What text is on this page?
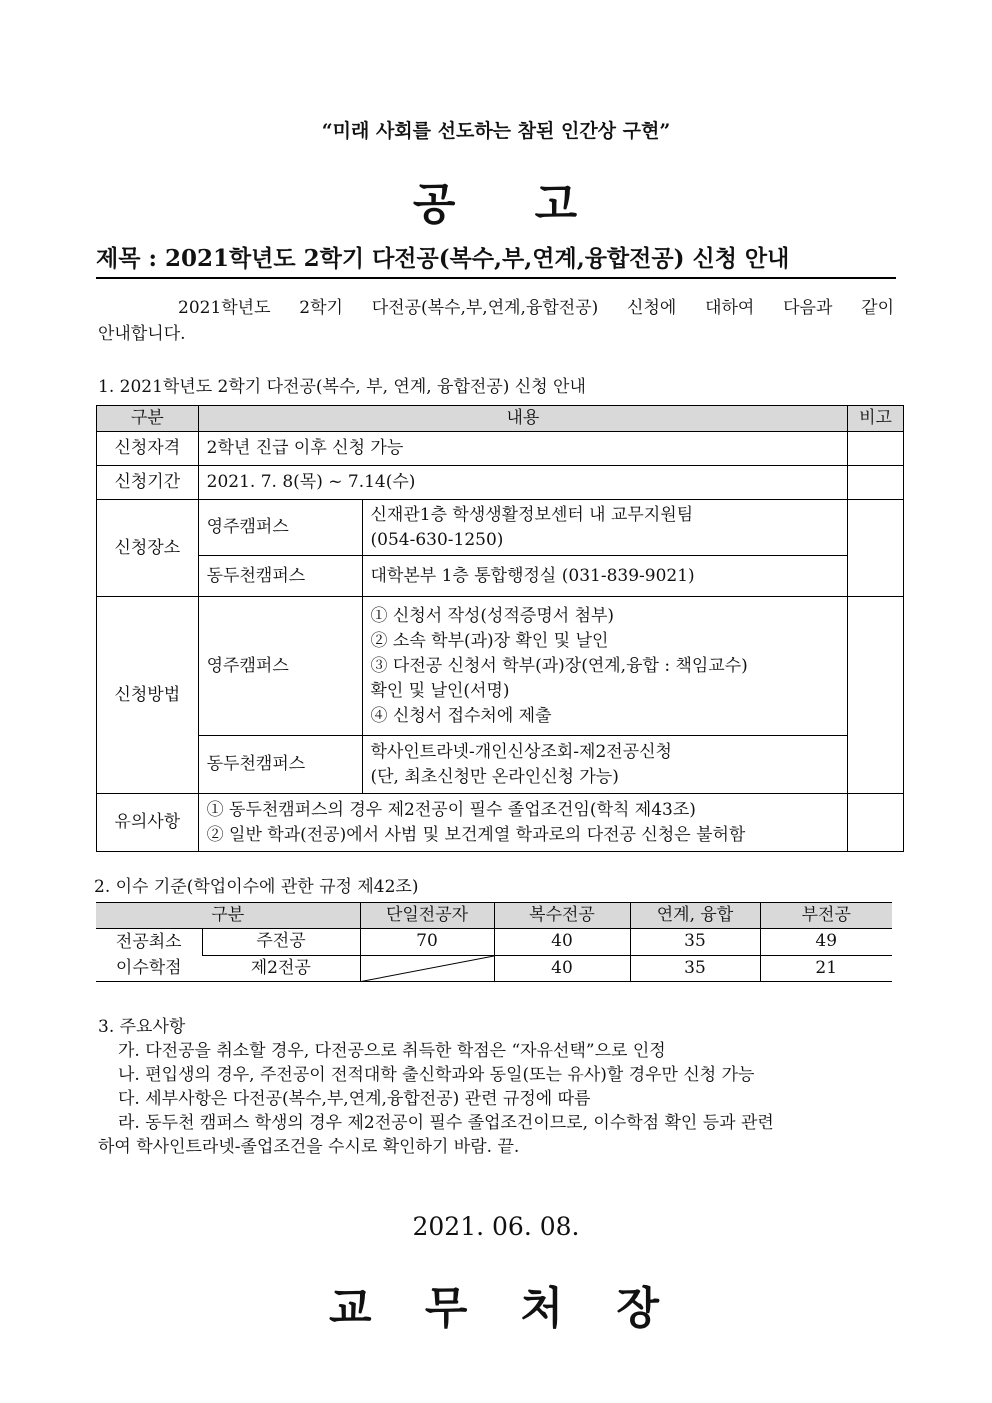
“미래 사회를 선도하는 참된 인간상 구현”
공 고
제목 : 2021학년도 2학기 다전공(복수,부,연계,융합전공) 신청 안내
2021학년도 2학기 다전공(복수,부,연계,융합전공) 신청에 대하여 다음과 같이
안내합니다.
1. 2021학년도 2학기 다전공(복수, 부, 연계, 융합전공) 신청 안내
구분	내용		비고
신청자격	2학년 진급 이후 신청 가능		
신청기간	2021. 7. 8(목) ~ 7.14(수)		
신청장소	영주캠퍼스	신재관1층 학생생활정보센터 내 교무지원팀
(054-630-1250)	

	동두천캠퍼스	대학본부 1층 통합행정실 (031-839-9021)	
신청방법	영주캠퍼스	① 신청서 작성(성적증명서 첨부)
② 소속 학부(과)장 확인 및 날인
③ 다전공 신청서 학부(과)장(연계,융합 : 책임교수)
확인 및 날인(서명)
④ 신청서 접수처에 제출	

	동두천캠퍼스	학사인트라넷-개인신상조회-제2전공신청
(단, 최초신청만 온라인신청 가능)	

유의사항	① 동두천캠퍼스의 경우 제2전공이 필수 졸업조건임(학칙 제43조)
② 일반 학과(전공)에서 사범 및 보건계열 학과로의 다전공 신청은 불허함		

2. 이수 기준(학업이수에 관한 규정 제42조)
구분		단일전공자	복수전공	연계, 융합	부전공

전공최소
이수학점	주전공	70	40	35	49
	제2전공		40	35	21
3. 주요사항
가. 다전공을 취소할 경우, 다전공으로 취득한 학점은 “자유선택”으로 인정
나. 편입생의 경우, 주전공이 전적대학 출신학과와 동일(또는 유사)할 경우만 신청 가능
다. 세부사항은 다전공(복수,부,연계,융합전공) 관련 규정에 따름
라. 동두천 캠퍼스 학생의 경우 제2전공이 필수 졸업조건이므로, 이수학점 확인 등과 관련
하여 학사인트라넷-졸업조건을 수시로 확인하기 바람. 끝.
2021. 06. 08.
교 무 처 장
